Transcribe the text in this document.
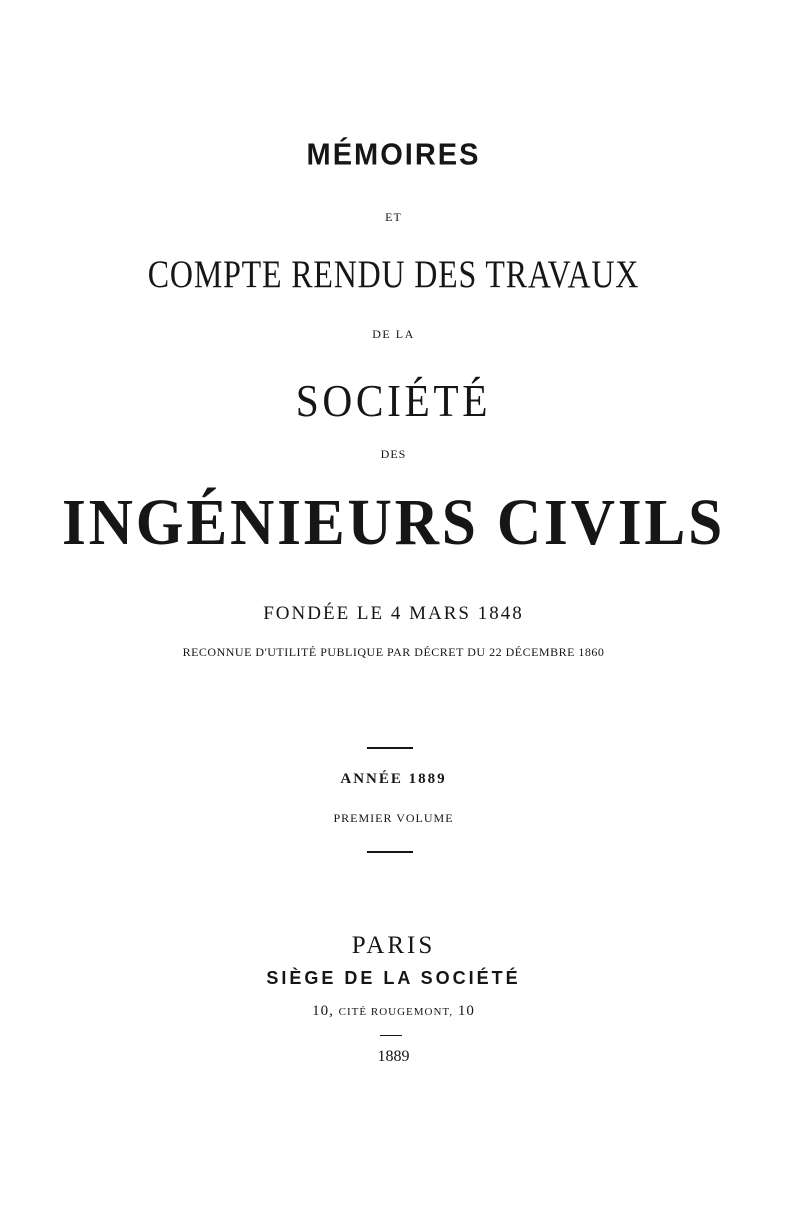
MÉMOIRES
ET
COMPTE RENDU DES TRAVAUX
DE LA
SOCIÉTÉ
DES
INGÉNIEURS CIVILS
FONDÉE LE 4 MARS 1848
RECONNUE D'UTILITÉ PUBLIQUE PAR DÉCRET DU 22 DÉCEMBRE 1860
ANNÉE 1889
PREMIER VOLUME
PARIS
SIÈGE DE LA SOCIÉTÉ
10, CITÉ ROUGEMONT, 10
1889
